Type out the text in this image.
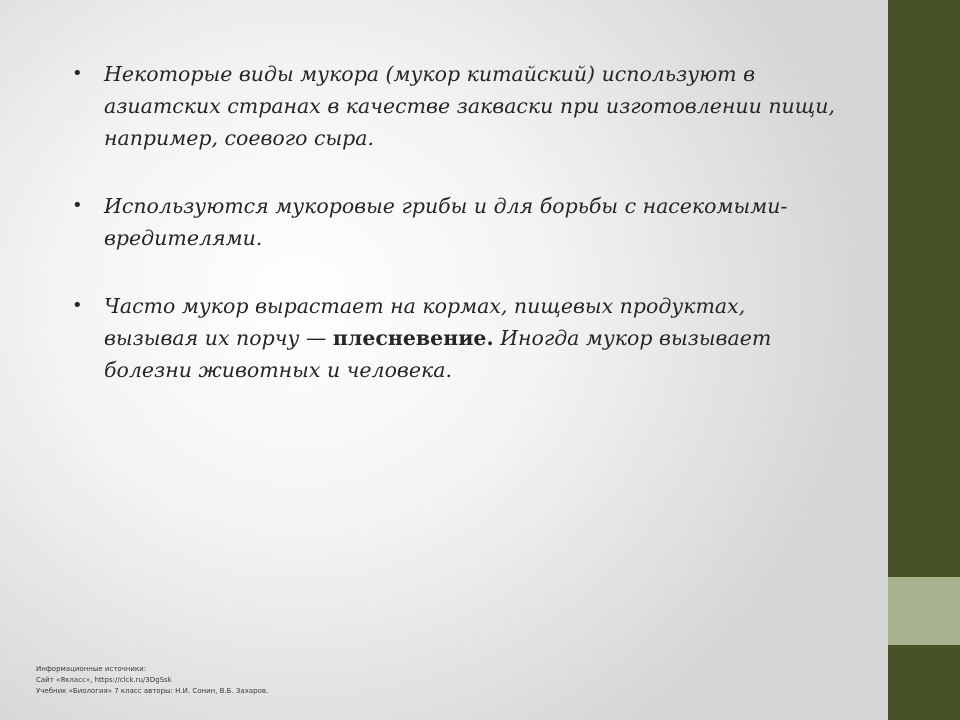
• Некоторые виды мукора (мукор китайский) используют в азиатских странах в качестве закваски при изготовлении пищи, например, соевого сыра.
• Используются мукоровые грибы и для борьбы с насекомыми-вредителями.
• Часто мукор вырастает на кормах, пищевых продуктах, вызывая их порчу — плесневение. Иногда мукор вызывает болезни животных и человека.
Информационные источники:
Сайт «Якласс», https://clck.ru/3DgSsk
Учебник «Биология» 7 класс авторы: Н.И. Сонин, В.Б. Захаров.
